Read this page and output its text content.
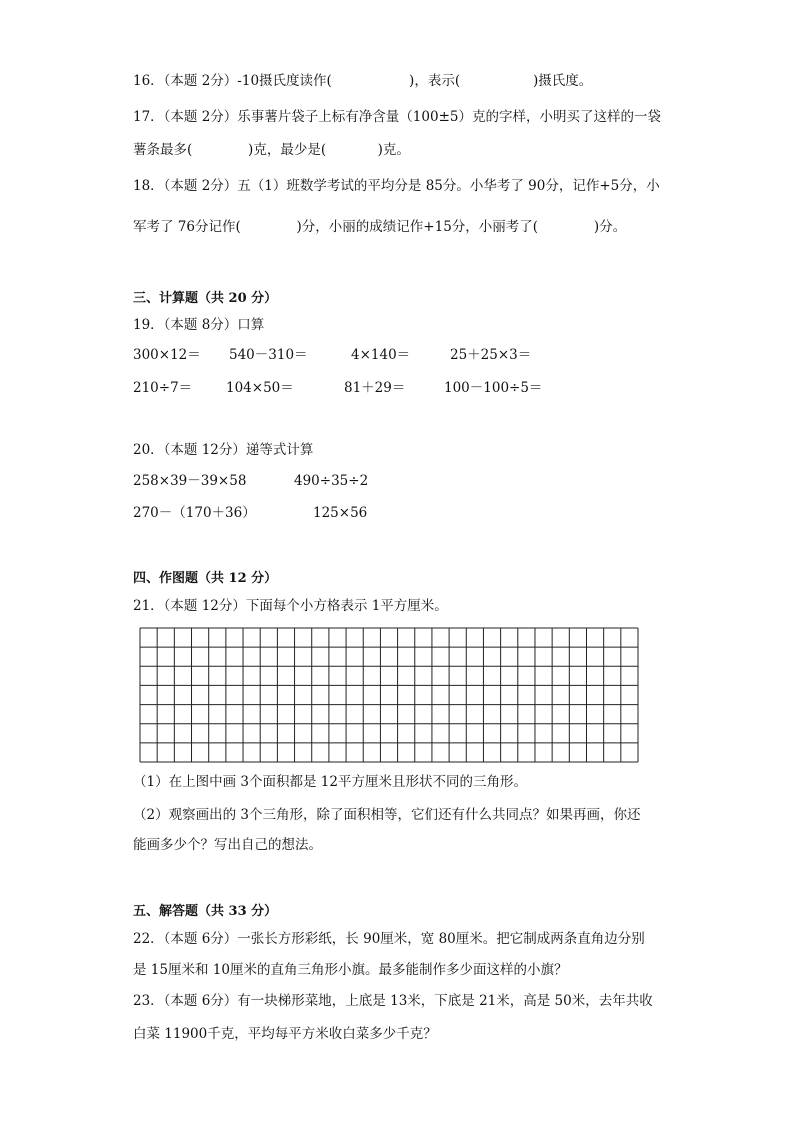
16．（本题 2分）-10摄氏度读作(                  )，表示(                 )摄氏度。
17．（本题 2分）乐事薯片袋子上标有净含量（100±5）克的字样，小明买了这样的一袋
薯条最多(             )克，最少是(            )克。
18．（本题 2分）五（1）班数学考试的平均分是 85分。小华考了 90分，记作+5分，小
军考了 76分记作(             )分，小丽的成绩记作+15分，小丽考了(             )分。
三、计算题（共 20 分）
19．（本题 8分）口算
300×12＝ 540－310＝	4×140＝	25＋25×3＝
210÷7＝	104×50＝	81＋29＝	100－100÷5＝
20．（本题 12分）递等式计算
258×39－39×58	490÷35÷2
270－（170＋36）	125×56
四、作图题（共 12 分）
21．（本题 12分）下面每个小方格表示 1平方厘米。
（1）在上图中画 3个面积都是 12平方厘米且形状不同的三角形。
（2）观察画出的 3个三角形，除了面积相等，它们还有什么共同点？如果再画，你还
能画多少个？写出自己的想法。
五、解答题（共 33 分）
22．（本题 6分）一张长方形彩纸，长 90厘米，宽 80厘米。把它制成两条直角边分别
是 15厘米和 10厘米的直角三角形小旗。最多能制作多少面这样的小旗？
23．（本题 6分）有一块梯形菜地，上底是 13米，下底是 21米，高是 50米，去年共收
白菜 11900千克，平均每平方米收白菜多少千克？
